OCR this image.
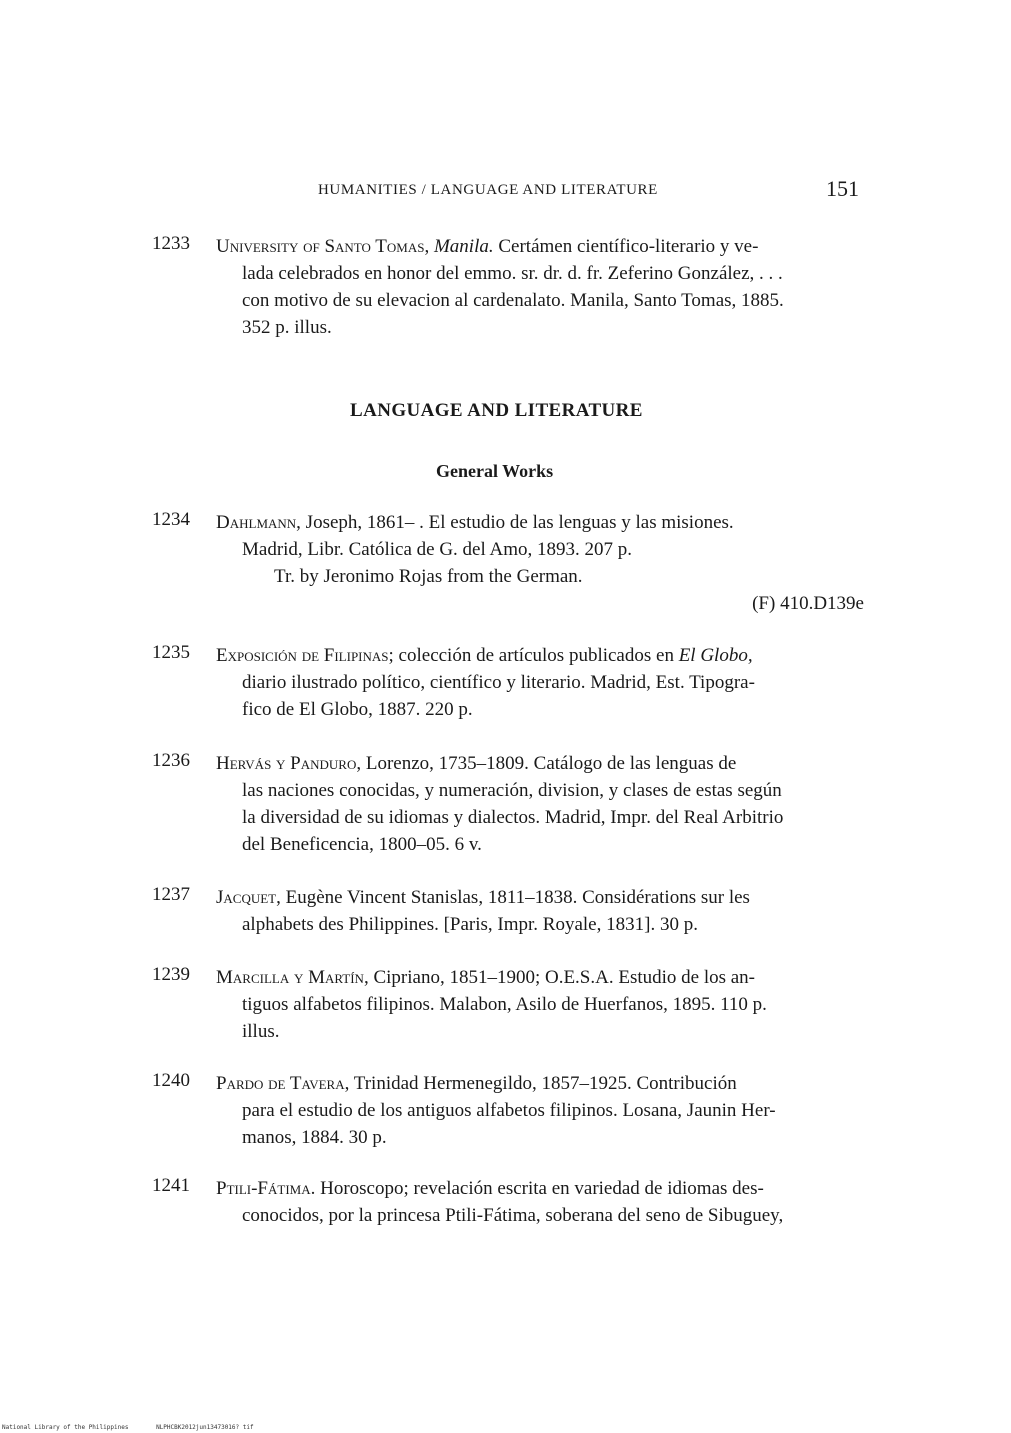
HUMANITIES / LANGUAGE AND LITERATURE	151
1233 University of Santo Tomas, Manila. Certámen científico-literario y ve-
lada celebrados en honor del emmo. sr. dr. d. fr. Zeferino González, . . .
con motivo de su elevacion al cardenalato. Manila, Santo Tomas, 1885.
352 p. illus.
LANGUAGE AND LITERATURE
General Works
1234 Dahlmann, Joseph, 1861– . El estudio de las lenguas y las misiones.
Madrid, Libr. Católica de G. del Amo, 1893. 207 p.
Tr. by Jeronimo Rojas from the German.
(F) 410.D139e
1235 Exposición de Filipinas; colección de artículos publicados en El Globo,
diario ilustrado político, científico y literario. Madrid, Est. Tipogra-
fico de El Globo, 1887. 220 p.
1236 Hervás y Panduro, Lorenzo, 1735–1809. Catálogo de las lenguas de
las naciones conocidas, y numeración, division, y clases de estas según
la diversidad de su idiomas y dialectos. Madrid, Impr. del Real Arbitrio
del Beneficencia, 1800–05. 6 v.
1237 Jacquet, Eugène Vincent Stanislas, 1811–1838. Considérations sur les
alphabets des Philippines. [Paris, Impr. Royale, 1831]. 30 p.
1239 Marcilla y Martín, Cipriano, 1851–1900; O.E.S.A. Estudio de los an-
tiguos alfabetos filipinos. Malabon, Asilo de Huerfanos, 1895. 110 p.
illus.
1240 Pardo de Tavera, Trinidad Hermenegildo, 1857–1925. Contribución
para el estudio de los antiguos alfabetos filipinos. Losana, Jaunin Her-
manos, 1884. 30 p.
1241 Ptili-Fátima. Horoscopo; revelación escrita en variedad de idiomas des-
conocidos, por la princesa Ptili-Fátima, soberana del seno de Sibuguey,
National Library of the Philippines	NLPHCBK2012jun13473016? tif
